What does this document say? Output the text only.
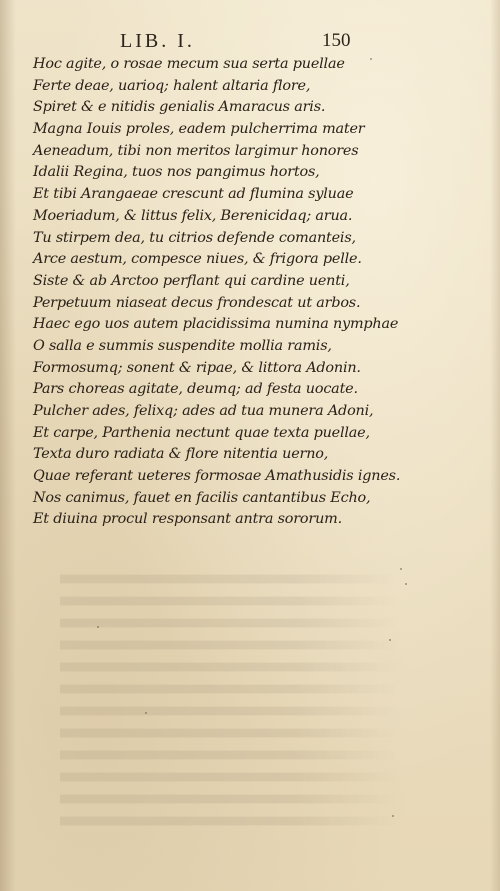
LIB. I.	150
Hoc agite, o rosae mecum sua serta puellae
Ferte deae, uarioq; halent altaria flore,
Spiret & e nitidis genialis Amaracus aris.
Magna Iouis proles, eadem pulcherrima mater
Aeneadum, tibi non meritos largimur honores
Idalii Regina, tuos nos pangimus hortos,
Et tibi Arangaeae crescunt ad flumina syluae
Moeriadum, & littus felix, Berenicidaq; arua.
Tu stirpem dea, tu citrios defende comanteis,
Arce aestum, compesce niues, & frigora pelle.
Siste & ab Arctoo perflant qui cardine uenti,
Perpetuum niaseat decus frondescat ut arbos.
Haec ego uos autem placidissima numina nymphae
O salla e summis suspendite mollia ramis,
Formosumq; sonent & ripae, & littora Adonin.
Pars choreas agitate, deumq; ad festa uocate.
Pulcher ades, felixq; ades ad tua munera Adoni,
Et carpe, Parthenia nectunt quae texta puellae,
Texta duro radiata & flore nitentia uerno,
Quae referant ueteres formosae Amathusidis ignes.
Nos canimus, fauet en facilis cantantibus Echo,
Et diuina procul responsant antra sororum.
